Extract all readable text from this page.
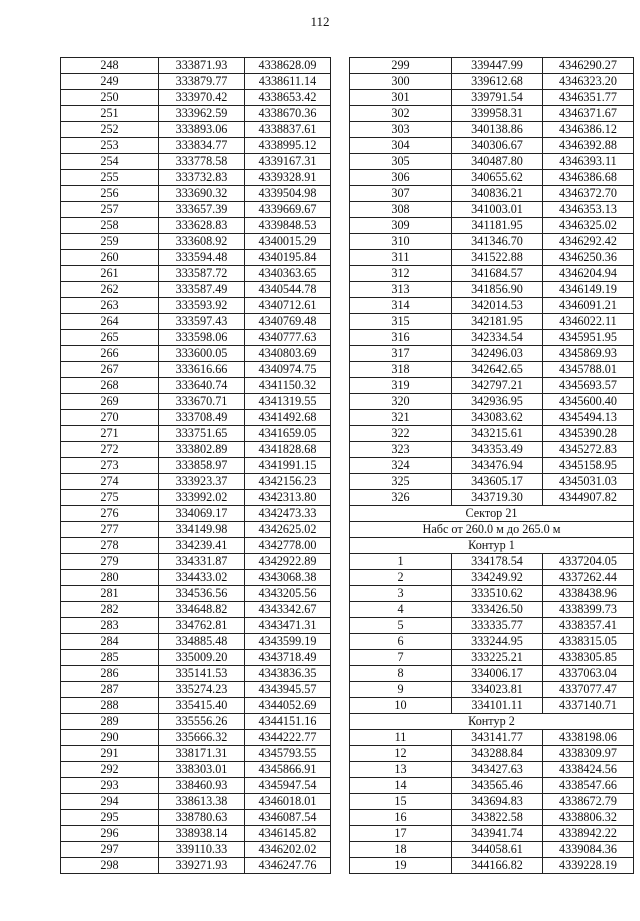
112
248	333871.93	4338628.09
249	333879.77	4338611.14
250	333970.42	4338653.42
251	333962.59	4338670.36
252	333893.06	4338837.61
253	333834.77	4338995.12
254	333778.58	4339167.31
255	333732.83	4339328.91
256	333690.32	4339504.98
257	333657.39	4339669.67
258	333628.83	4339848.53
259	333608.92	4340015.29
260	333594.48	4340195.84
261	333587.72	4340363.65
262	333587.49	4340544.78
263	333593.92	4340712.61
264	333597.43	4340769.48
265	333598.06	4340777.63
266	333600.05	4340803.69
267	333616.66	4340974.75
268	333640.74	4341150.32
269	333670.71	4341319.55
270	333708.49	4341492.68
271	333751.65	4341659.05
272	333802.89	4341828.68
273	333858.97	4341991.15
274	333923.37	4342156.23
275	333992.02	4342313.80
276	334069.17	4342473.33
277	334149.98	4342625.02
278	334239.41	4342778.00
279	334331.87	4342922.89
280	334433.02	4343068.38
281	334536.56	4343205.56
282	334648.82	4343342.67
283	334762.81	4343471.31
284	334885.48	4343599.19
285	335009.20	4343718.49
286	335141.53	4343836.35
287	335274.23	4343945.57
288	335415.40	4344052.69
289	335556.26	4344151.16
290	335666.32	4344222.77
291	338171.31	4345793.55
292	338303.01	4345866.91
293	338460.93	4345947.54
294	338613.38	4346018.01
295	338780.63	4346087.54
296	338938.14	4346145.82
297	339110.33	4346202.02
298	339271.93	4346247.76
299	339447.99	4346290.27
300	339612.68	4346323.20
301	339791.54	4346351.77
302	339958.31	4346371.67
303	340138.86	4346386.12
304	340306.67	4346392.88
305	340487.80	4346393.11
306	340655.62	4346386.68
307	340836.21	4346372.70
308	341003.01	4346353.13
309	341181.95	4346325.02
310	341346.70	4346292.42
311	341522.88	4346250.36
312	341684.57	4346204.94
313	341856.90	4346149.19
314	342014.53	4346091.21
315	342181.95	4346022.11
316	342334.54	4345951.95
317	342496.03	4345869.93
318	342642.65	4345788.01
319	342797.21	4345693.57
320	342936.95	4345600.40
321	343083.62	4345494.13
322	343215.61	4345390.28
323	343353.49	4345272.83
324	343476.94	4345158.95
325	343605.17	4345031.03
326	343719.30	4344907.82
Сектор 21		
Набс от 260.0 м до 265.0 м		
Контур 1		
1	334178.54	4337204.05
2	334249.92	4337262.44
3	333510.62	4338438.96
4	333426.50	4338399.73
5	333335.77	4338357.41
6	333244.95	4338315.05
7	333225.21	4338305.85
8	334006.17	4337063.04
9	334023.81	4337077.47
10	334101.11	4337140.71
Контур 2		
11	343141.77	4338198.06
12	343288.84	4338309.97
13	343427.63	4338424.56
14	343565.46	4338547.66
15	343694.83	4338672.79
16	343822.58	4338806.32
17	343941.74	4338942.22
18	344058.61	4339084.36
19	344166.82	4339228.19
